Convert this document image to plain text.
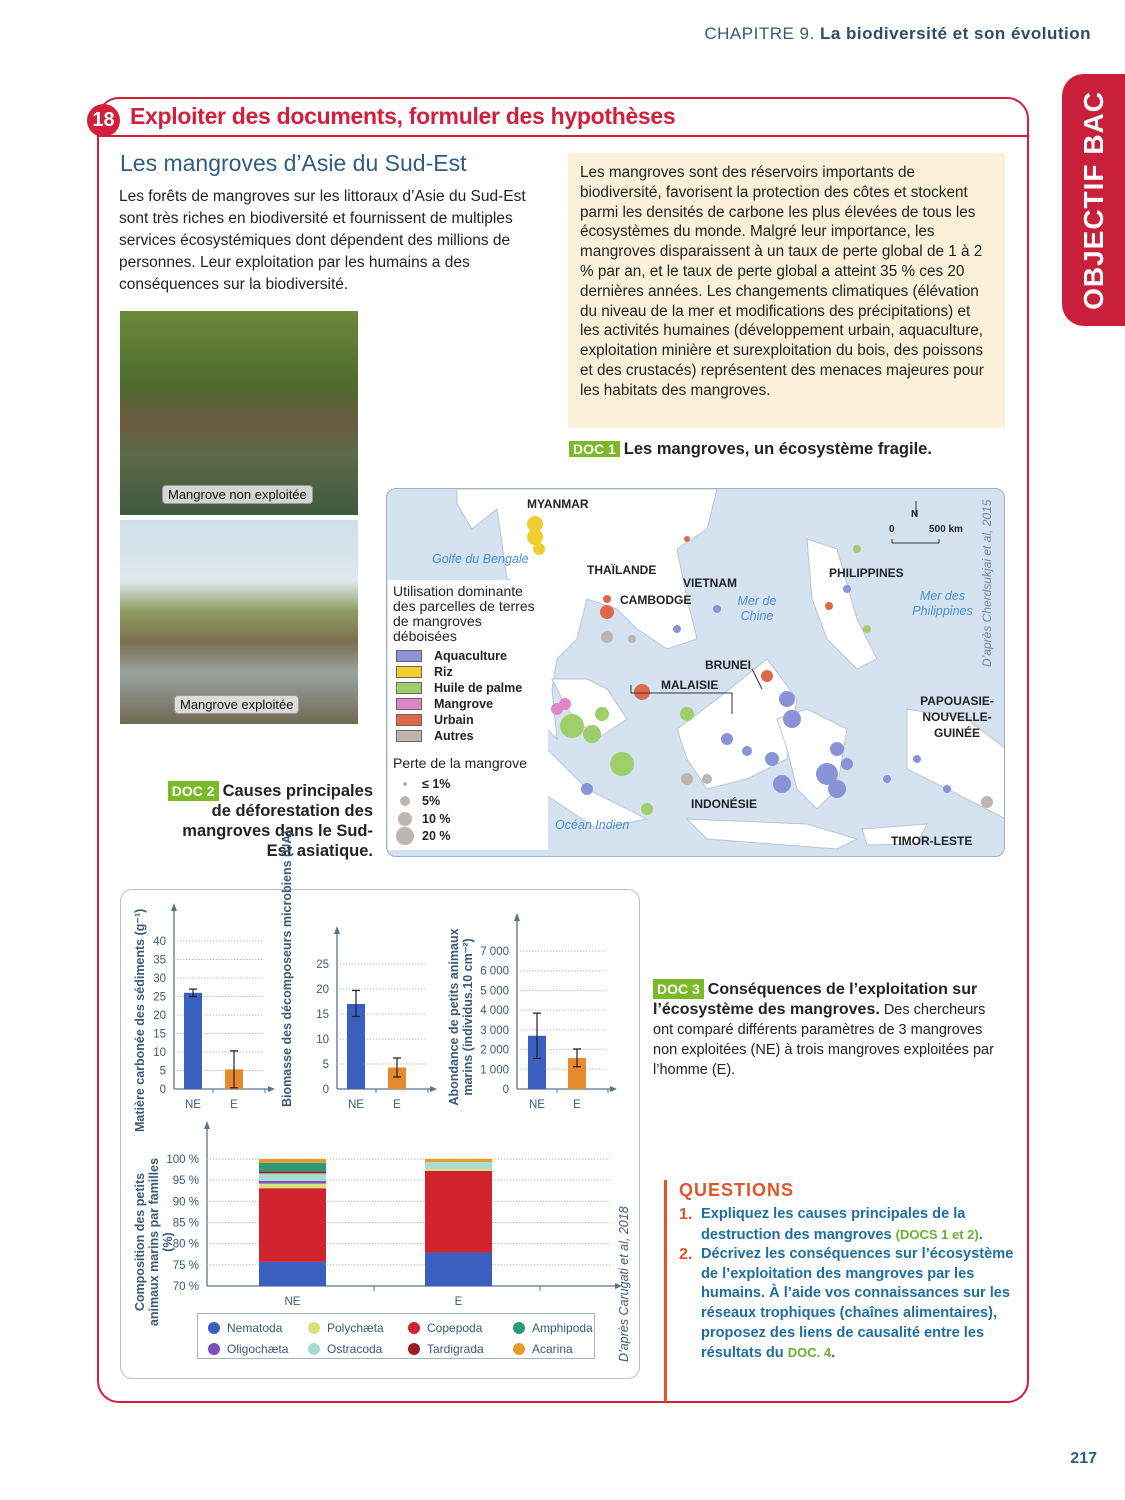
CHAPITRE 9. La biodiversité et son évolution
OBJECTIF BAC
18 Exploiter des documents, formuler des hypothèses
Les mangroves d’Asie du Sud-Est
Les forêts de mangroves sur les littoraux d’Asie du Sud-Est sont très riches en biodiversité et fournissent de multiples services écosystémiques dont dépendent des millions de personnes. Leur exploitation par les humains a des conséquences sur la biodiversité.
Mangrove non exploitée
Mangrove exploitée
Les mangroves sont des réservoirs importants de biodiversité, favorisent la protection des côtes et stockent parmi les densités de carbone les plus élevées de tous les écosystèmes du monde. Malgré leur importance, les mangroves disparaissent à un taux de perte global de 1 à 2 % par an, et le taux de perte global a atteint 35 % ces 20 dernières années. Les changements climatiques (élévation du niveau de la mer et modifications des précipitations) et les activités humaines (développement urbain, aquaculture, exploitation minière et surexploitation du bois, des poissons et des crustacés) représentent des menaces majeures pour les habitats des mangroves.
DOC 1 Les mangroves, un écosystème fragile.
DOC 2 Causes principales de déforestation des mangroves dans le Sud-Est asiatique.
MYANMAR
THAÏLANDE
VIETNAM
CAMBODGE
PHILIPPINES
BRUNEI
MALAISIE
PAPOUASIE-NOUVELLE-GUINÉE
INDONÉSIE
TIMOR-LESTE
Golfe du Bengale
Mer de Chine
Mer des Philippines
Océan Indien
N
0	500 km D’après Cherdsukjai et al, 2015
Utilisation dominante des parcelles de terres de mangroves déboisées
Aquaculture
Riz
Huile de palme
Mangrove
Urbain
Autres
Perte de la mangrove
≤ 1%
5%
10 %
20 %
0
5
10
15
20
25
30
35
40
NE	E
0
5
10
15
20
25
NE	E
0
1 000
2 000
3 000
4 000
5 000
6 000
7 000
NE E
70 %
75 %
80 %
85 %
90 %
95 %
100 %
NE	E
Matière carbonée des sédiments (g⁻¹)	Biomasse des décomposeurs microbiens (UA)	Abondance de petits animaux marins (individus.10 cm⁻²)
Composition des petits animaux marins par familles (%)	D’après Carugati et al, 2018
Nematoda	Polychæta	Copepoda	Amphipoda
Oligochæta	Ostracoda	Tardigrada	Acarina
DOC 3 Conséquences de l’exploitation sur l’écosystème des mangroves. Des chercheurs ont comparé différents paramètres de 3 mangroves non exploitées (NE) à trois mangroves exploitées par l’homme (E).
QUESTIONS
1. Expliquez les causes principales de la destruction des mangroves (DOCS 1 et 2).
2. Décrivez les conséquences sur l’écosystème de l’exploitation des mangroves par les humains. À l’aide vos connaissances sur les réseaux trophiques (chaînes alimentaires), proposez des liens de causalité entre les résultats du DOC. 4.
217
